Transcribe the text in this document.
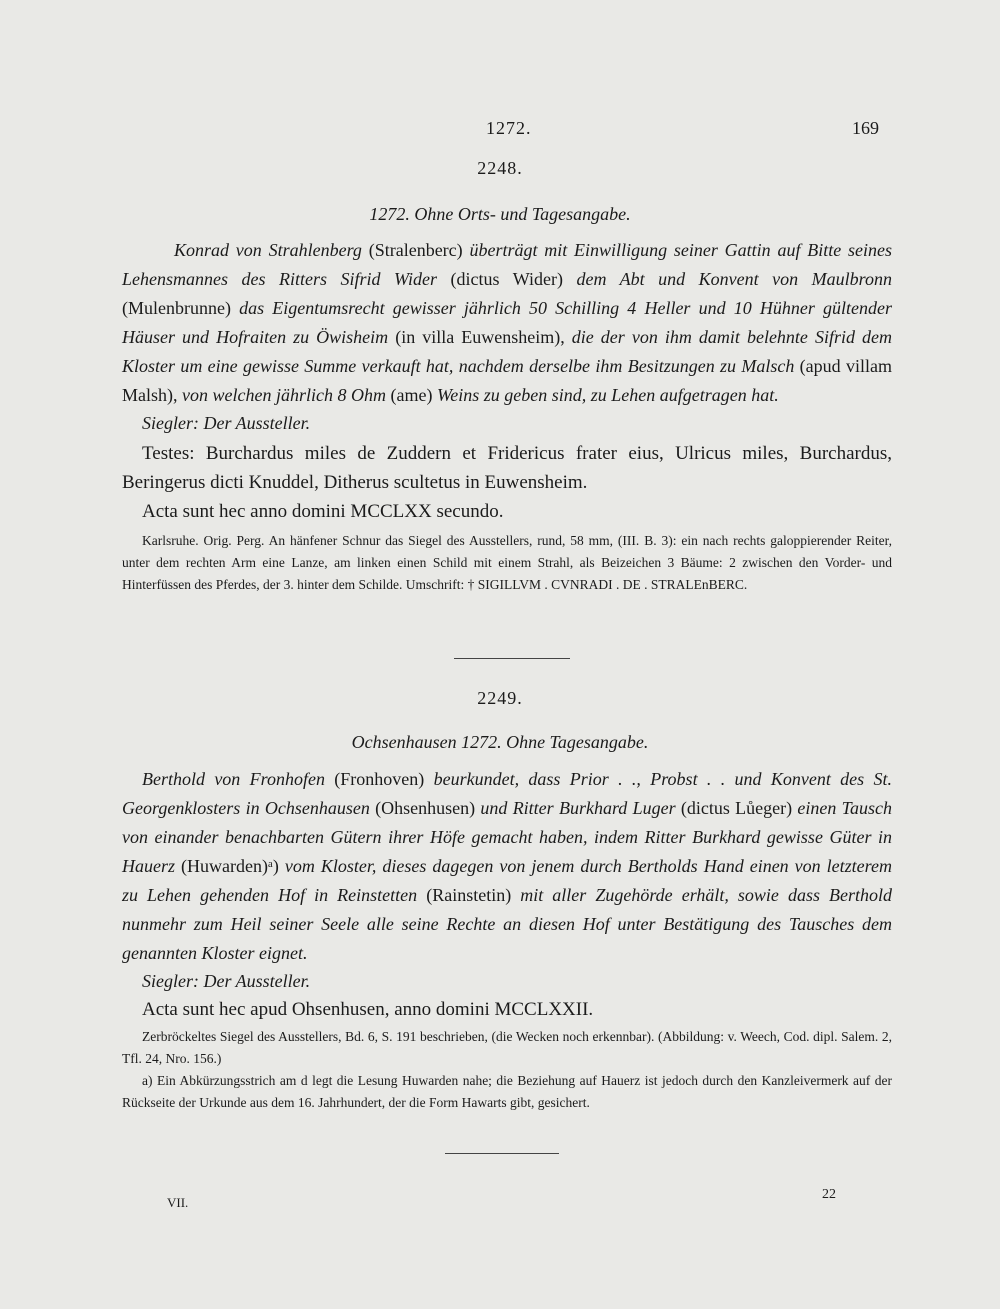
1272.	169
2248.
1272. Ohne Orts- und Tagesangabe.

Konrad von Strahlenberg (Stralenberc) überträgt mit Einwilligung seiner Gattin auf Bitte seines Lehensmannes des Ritters Sifrid Wider (dictus Wider) dem Abt und Konvent von Maulbronn (Mulenbrunne) das Eigentumsrecht gewisser jährlich 50 Schilling 4 Heller und 10 Hühner gültender Häuser und Hofraiten zu Öwisheim (in villa Euwensheim), die der von ihm damit belehnte Sifrid dem Kloster um eine gewisse Summe verkauft hat, nachdem derselbe ihm Besitzungen zu Malsch (apud villam Malsh), von welchen jährlich 8 Ohm (ame) Weins zu geben sind, zu Lehen aufgetragen hat.

Siegler: Der Aussteller.

Testes: Burchardus miles de Zuddern et Fridericus frater eius, Ulricus miles, Burchardus, Beringerus dicti Knuddel, Ditherus scultetus in Euwensheim.

Acta sunt hec anno domini MCCLXX secundo.

Karlsruhe. Orig. Perg. An hänfener Schnur das Siegel des Ausstellers, rund, 58 mm, (III. B. 3): ein nach rechts galoppierender Reiter, unter dem rechten Arm eine Lanze, am linken einen Schild mit einem Strahl, als Beizeichen 3 Bäume: 2 zwischen den Vorder- und Hinterfüssen des Pferdes, der 3. hinter dem Schilde. Umschrift: † SIGILLVM . CVNRADI . DE . STRALEnBERC.

2249.
Ochsenhausen 1272. Ohne Tagesangabe.

Berthold von Fronhofen (Fronhoven) beurkundet, dass Prior . ., Probst . . und Konvent des St. Georgenklosters in Ochsenhausen (Ohsenhusen) und Ritter Burkhard Luger (dictus Lůeger) einen Tausch von einander benachbarten Gütern ihrer Höfe gemacht haben, indem Ritter Burkhard gewisse Güter in Hauerz (Huwarden)ᵃ) vom Kloster, dieses dagegen von jenem durch Bertholds Hand einen von letzterem zu Lehen gehenden Hof in Reinstetten (Rainstetin) mit aller Zugehörde erhält, sowie dass Berthold nunmehr zum Heil seiner Seele alle seine Rechte an diesen Hof unter Bestätigung des Tausches dem genannten Kloster eignet.

Siegler: Der Aussteller.

Acta sunt hec apud Ohsenhusen, anno domini MCCLXXII.

Zerbröckeltes Siegel des Ausstellers, Bd. 6, S. 191 beschrieben, (die Wecken noch erkennbar). (Abbildung: v. Weech, Cod. dipl. Salem. 2, Tfl. 24, Nro. 156.)

a) Ein Abkürzungsstrich am d legt die Lesung Huwarden nahe; die Beziehung auf Hauerz ist jedoch durch den Kanzleivermerk auf der Rückseite der Urkunde aus dem 16. Jahrhundert, der die Form Hawarts gibt, gesichert.

VII.
22
